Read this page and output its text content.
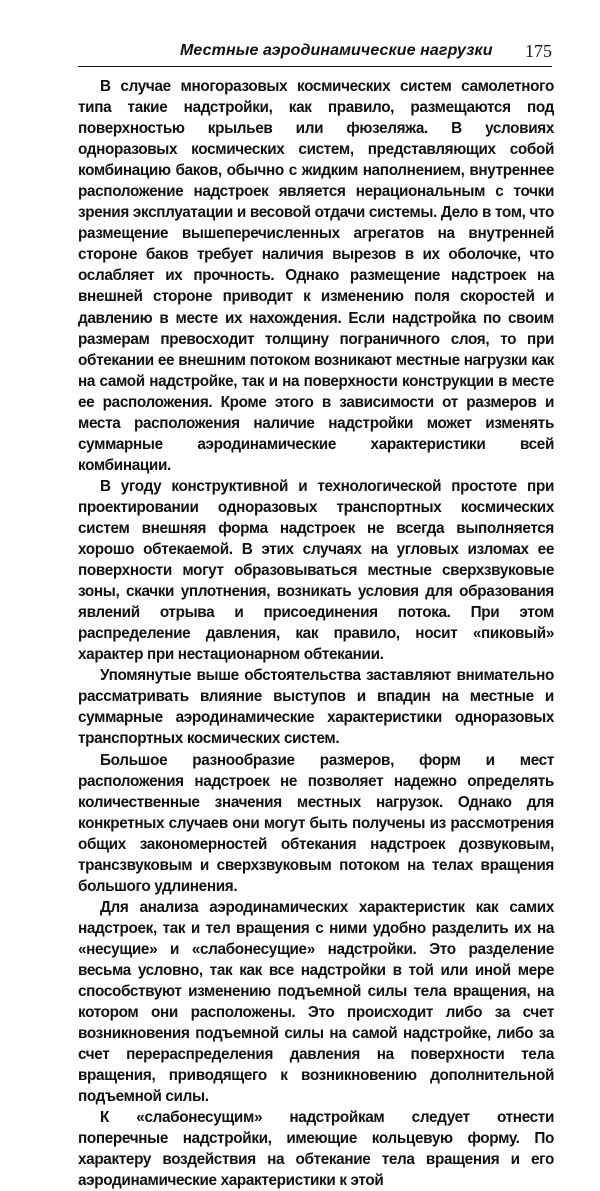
Местные аэродинамические нагрузки 175

В случае многоразовых космических систем самолетного типа такие надстройки, как правило, размещаются под поверхностью крыльев или фюзеляжа. В условиях одноразовых космических систем, представляющих собой комбинацию баков, обычно с жидким наполнением, внутреннее расположение надстроек является нерациональным с точки зрения эксплуатации и весовой отдачи системы. Дело в том, что размещение вышеперечисленных агрегатов на внутренней стороне баков требует наличия вырезов в их оболочке, что ослабляет их прочность. Однако размещение надстроек на внешней стороне приводит к изменению поля скоростей и давлению в месте их нахождения. Если надстройка по своим размерам превосходит толщину пограничного слоя, то при обтекании ее внешним потоком возникают местные нагрузки как на самой надстройке, так и на поверхности конструкции в месте ее расположения. Кроме этого в зависимости от размеров и места расположения наличие надстройки может изменять суммарные аэродинамические характеристики всей комбинации.

В угоду конструктивной и технологической простоте при проектировании одноразовых транспортных космических систем внешняя форма надстроек не всегда выполняется хорошо обтекаемой. В этих случаях на угловых изломах ее поверхности могут образовываться местные сверхзвуковые зоны, скачки уплотнения, возникать условия для образования явлений отрыва и присоединения потока. При этом распределение давления, как правило, носит «пиковый» характер при нестационарном обтекании.

Упомянутые выше обстоятельства заставляют внимательно рассматривать влияние выступов и впадин на местные и суммарные аэродинамические характеристики одноразовых транспортных космических систем.

Большое разнообразие размеров, форм и мест расположения надстроек не позволяет надежно определять количественные значения местных нагрузок. Однако для конкретных случаев они могут быть получены из рассмотрения общих закономерностей обтекания надстроек дозвуковым, трансзвуковым и сверхзвуковым потоком на телах вращения большого удлинения.

Для анализа аэродинамических характеристик как самих надстроек, так и тел вращения с ними удобно разделить их на «несущие» и «слабонесущие» надстройки. Это разделение весьма условно, так как все надстройки в той или иной мере способствуют изменению подъемной силы тела вращения, на котором они расположены. Это происходит либо за счет возникновения подъемной силы на самой надстройке, либо за счет перераспределения давления на поверхности тела вращения, приводящего к возникновению дополнительной подъемной силы.

К «слабонесущим» надстройкам следует отнести поперечные надстройки, имеющие кольцевую форму. По характеру воздействия на обтекание тела вращения и его аэродинамические характеристики к этой
